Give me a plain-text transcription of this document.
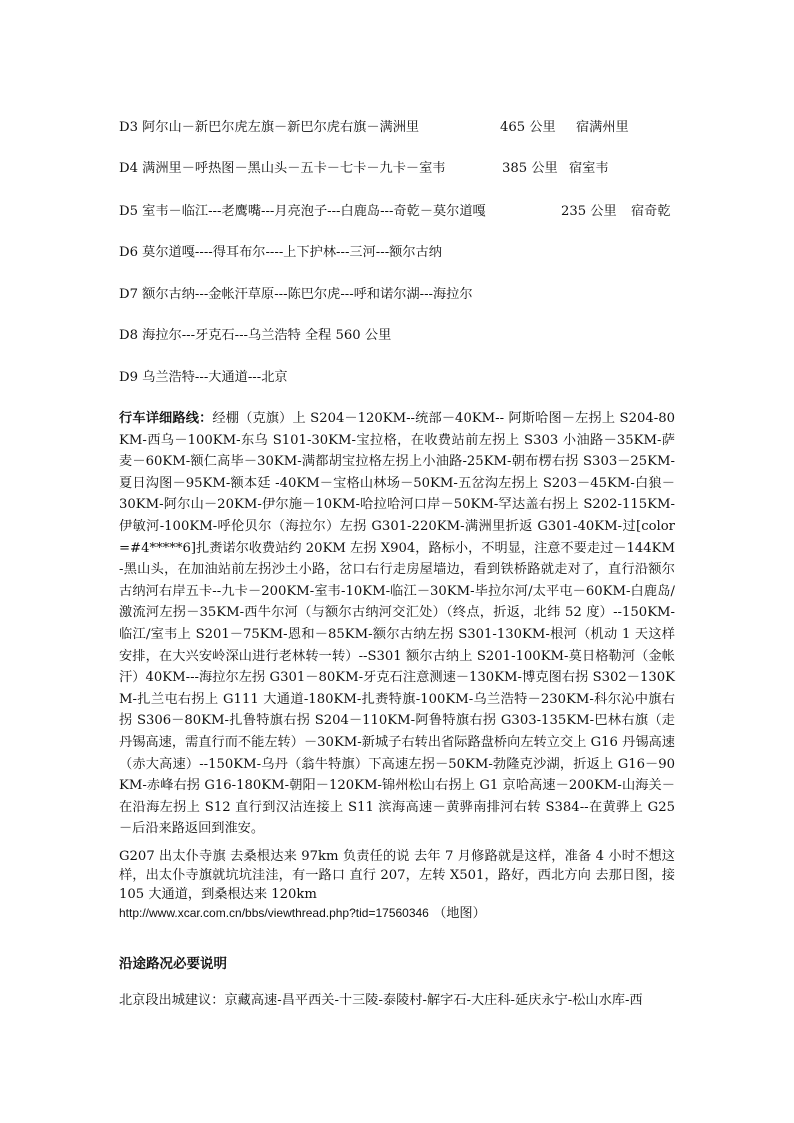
D3 阿尔山－新巴尔虎左旗－新巴尔虎右旗－满洲里	465 公里 宿满州里
D4 满洲里－呼热图－黑山头－五卡－七卡－九卡－室韦	385 公里 宿室韦
D5 室韦－临江---老鹰嘴---月亮泡子---白鹿岛---奇乾－莫尔道嘎	235 公里 宿奇乾
D6 莫尔道嘎----得耳布尔----上下护林---三河---额尔古纳
D7 额尔古纳---金帐汗草原---陈巴尔虎---呼和诺尔湖---海拉尔
D8 海拉尔---牙克石---乌兰浩特 全程 560 公里
D9 乌兰浩特---大通道---北京
行车详细路线：经棚（克旗）上 S204－120KM--统部－40KM-- 阿斯哈图－左拐上 S204-80KM-西乌－100KM-东乌 S101-30KM-宝拉格，在收费站前左拐上 S303 小油路－35KM-萨麦－60KM-额仁高毕－30KM-满都胡宝拉格左拐上小油路-25KM-朝布楞右拐 S303－25KM-夏日沟图－95KM-额本廷 -40KM－宝格山林场－50KM-五岔沟左拐上 S203－45KM-白狼－30KM-阿尔山－20KM-伊尔施－10KM-哈拉哈河口岸－50KM-罕达盖右拐上 S202-115KM-伊敏河-100KM-呼伦贝尔（海拉尔）左拐 G301-220KM-满洲里折返 G301-40KM-过[color=#4*****6]扎赉诺尔收费站约 20KM 左拐 X904，路标小，不明显，注意不要走过－144KM-黑山头，在加油站前左拐沙土小路，岔口右行走房屋墙边，看到铁桥路就走对了，直行沿额尔古纳河右岸五卡--九卡－200KM-室韦-10KM-临江－30KM-毕拉尔河/太平屯－60KM-白鹿岛/激流河左拐－35KM-西牛尔河（与额尔古纳河交汇处）（终点，折返，北纬 52 度）--150KM-临江/室韦上 S201－75KM-恩和－85KM-额尔古纳左拐 S301-130KM-根河（机动 1 天这样安排，在大兴安岭深山进行老林转一转）--S301 额尔古纳上 S201-100KM-莫日格勒河（金帐汗）40KM---海拉尔左拐 G301－80KM-牙克石注意测速－130KM-博克图右拐 S302－130KM-扎兰屯右拐上 G111 大通道-180KM-扎赉特旗-100KM-乌兰浩特－230KM-科尔沁中旗右拐 S306－80KM-扎鲁特旗右拐 S204－110KM-阿鲁特旗右拐 G303-135KM-巴林右旗（走丹锡高速，需直行而不能左转）－30KM-新城子右转出省际路盘桥向左转立交上 G16 丹锡高速（赤大高速）--150KM-乌丹（翁牛特旗）下高速左拐－50KM-勃隆克沙湖，折返上 G16－90KM-赤峰右拐 G16-180KM-朝阳－120KM-锦州松山右拐上 G1 京哈高速－200KM-山海关－在沿海左拐上 S12 直行到汉沽连接上 S11 滨海高速－黄骅南排河右转 S384--在黄骅上 G25－后沿来路返回到淮安。
G207 出太仆寺旗 去桑根达来 97km 负责任的说 去年 7 月修路就是这样，准备 4 小时不想这样，出太仆寺旗就坑坑洼洼，有一路口 直行 207，左转 X501，路好，西北方向 去那日图，接 105 大通道，到桑根达来 120km
http://www.xcar.com.cn/bbs/viewthread.php?tid=17560346 （地图）
沿途路况必要说明
北京段出城建议：京藏高速-昌平西关-十三陵-泰陵村-解字石-大庄科-延庆永宁-松山水库-西
